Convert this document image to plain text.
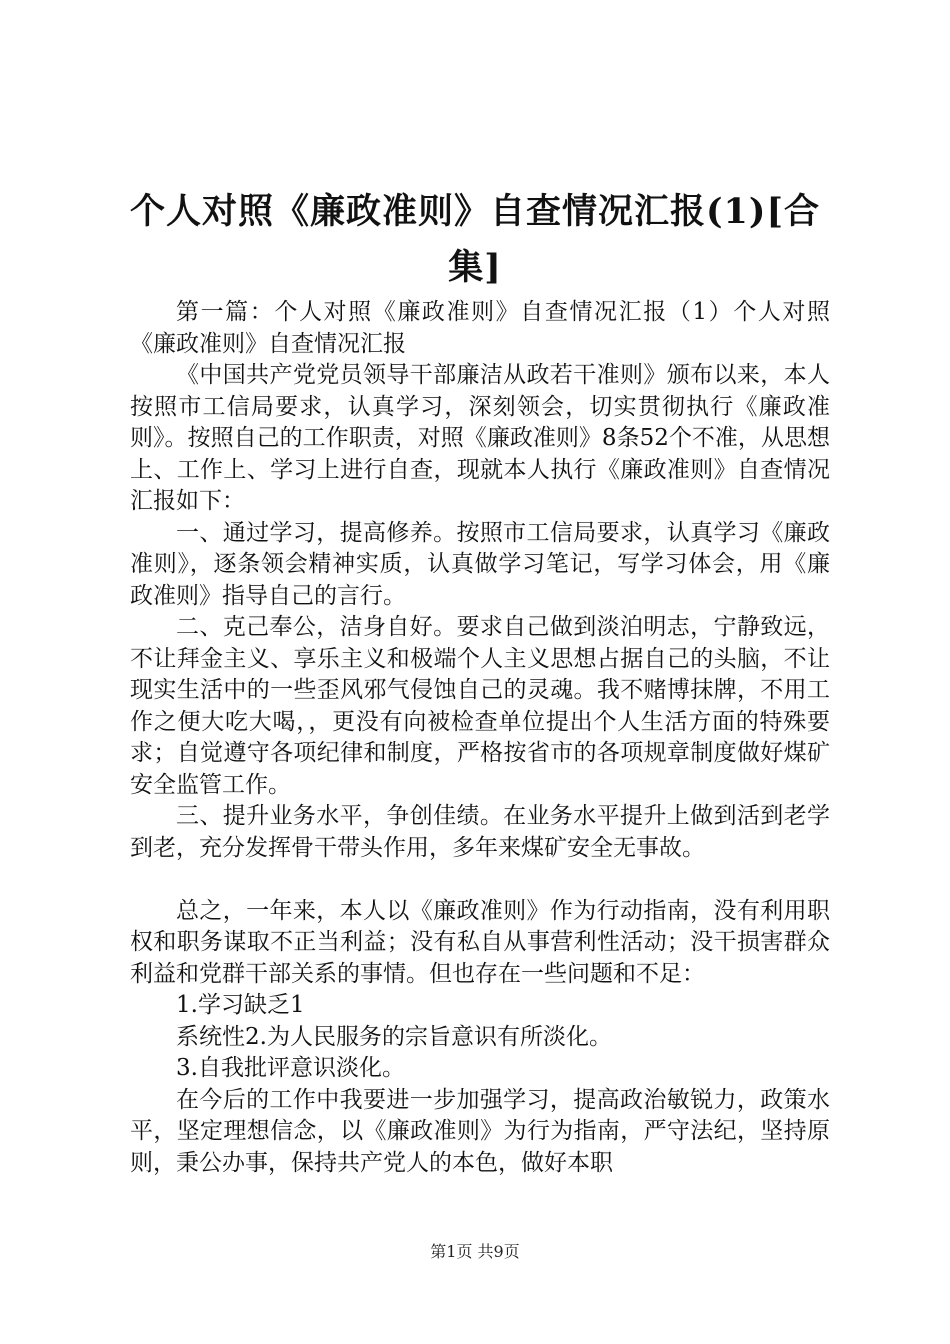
个人对照《廉政准则》自查情况汇报(1)[合集]

第一篇：个人对照《廉政准则》自查情况汇报（1）个人对照《廉政准则》自查情况汇报

《中国共产党党员领导干部廉洁从政若干准则》颁布以来，本人按照市工信局要求，认真学习，深刻领会，切实贯彻执行《廉政准则》。按照自己的工作职责，对照《廉政准则》8条52个不准，从思想上、工作上、学习上进行自查，现就本人执行《廉政准则》自查情况汇报如下：

一、通过学习，提高修养。按照市工信局要求，认真学习《廉政准则》，逐条领会精神实质，认真做学习笔记，写学习体会，用《廉政准则》指导自己的言行。

二、克己奉公，洁身自好。要求自己做到淡泊明志，宁静致远，不让拜金主义、享乐主义和极端个人主义思想占据自己的头脑，不让现实生活中的一些歪风邪气侵蚀自己的灵魂。我不赌博抹牌，不用工作之便大吃大喝，，更没有向被检查单位提出个人生活方面的特殊要求；自觉遵守各项纪律和制度，严格按省市的各项规章制度做好煤矿安全监管工作。

三、提升业务水平，争创佳绩。在业务水平提升上做到活到老学到老，充分发挥骨干带头作用，多年来煤矿安全无事故。

总之，一年来，本人以《廉政准则》作为行动指南，没有利用职权和职务谋取不正当利益；没有私自从事营利性活动；没干损害群众利益和党群干部关系的事情。但也存在一些问题和不足：

1.学习缺乏1

系统性2.为人民服务的宗旨意识有所淡化。

3.自我批评意识淡化。

在今后的工作中我要进一步加强学习，提高政治敏锐力，政策水平，坚定理想信念，以《廉政准则》为行为指南，严守法纪，坚持原则，秉公办事，保持共产党人的本色，做好本职

第1页 共9页
